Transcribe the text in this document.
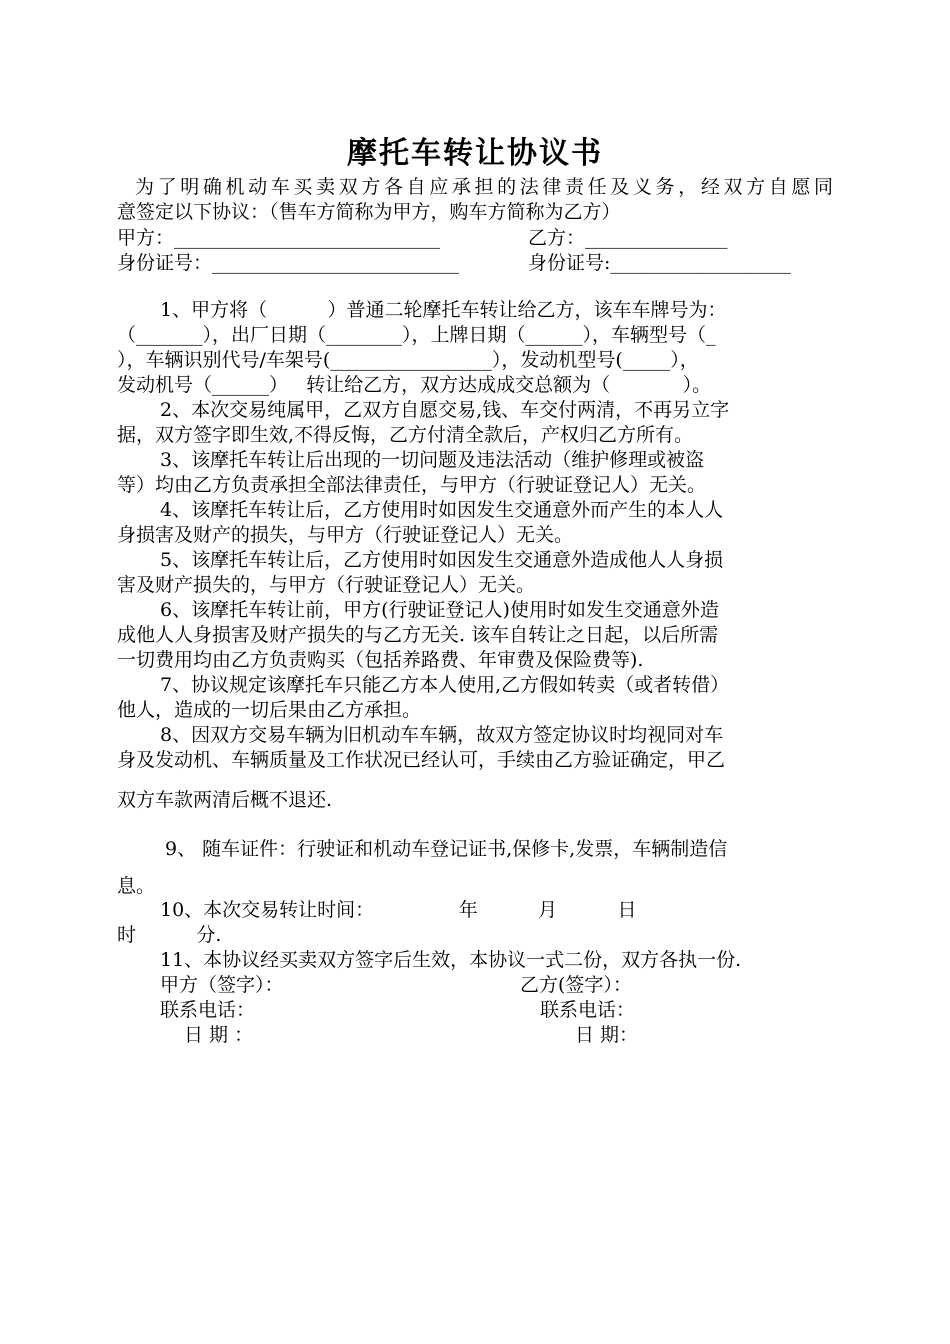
摩托车转让协议书
为了明确机动车买卖双方各自应承担的法律责任及义务，经双方自愿同
意签定以下协议：（售车方简称为甲方，购车方简称为乙方）
甲方：____________________________	乙方：_______________
身份证号：__________________________	身份证号:___________________
1、甲方将（          ）普通二轮摩托车转让给乙方，该车车牌号为：
（_______），出厂日期（________），上牌日期（______），车辆型号（_
），车辆识别代号/车架号(_________________），发动机型号(_____），
发动机号（______）   转让给乙方，双方达成成交总额为（            ）。
2、本次交易纯属甲，乙双方自愿交易,钱、车交付两清，不再另立字
据，双方签字即生效,不得反悔，乙方付清全款后，产权归乙方所有。
3、该摩托车转让后出现的一切问题及违法活动（维护修理或被盗
等）均由乙方负责承担全部法律责任，与甲方（行驶证登记人）无关。
4、该摩托车转让后，乙方使用时如因发生交通意外而产生的本人人
身损害及财产的损失，与甲方（行驶证登记人）无关。
5、该摩托车转让后，乙方使用时如因发生交通意外造成他人人身损
害及财产损失的，与甲方（行驶证登记人）无关。
6、该摩托车转让前，甲方(行驶证登记人)使用时如发生交通意外造
成他人人身损害及财产损失的与乙方无关. 该车自转让之日起，以后所需
一切费用均由乙方负责购买（包括养路费、年审费及保险费等).
7、协议规定该摩托车只能乙方本人使用,乙方假如转卖（或者转借）
他人，造成的一切后果由乙方承担。
8、因双方交易车辆为旧机动车车辆，故双方签定协议时均视同对车
身及发动机、车辆质量及工作状况已经认可，手续由乙方验证确定，甲乙
双方车款两清后概不退还.
9、 随车证件：行驶证和机动车登记证书,保修卡,发票，车辆制造信
息。
10、本次交易转让时间：              年          月          日
时          分.
11、本协议经买卖双方签字后生效，本协议一式二份，双方各执一份.
甲方（签字）：	乙方(签字）：
联系电话：	联系电话：
日 期 ：	日 期：
